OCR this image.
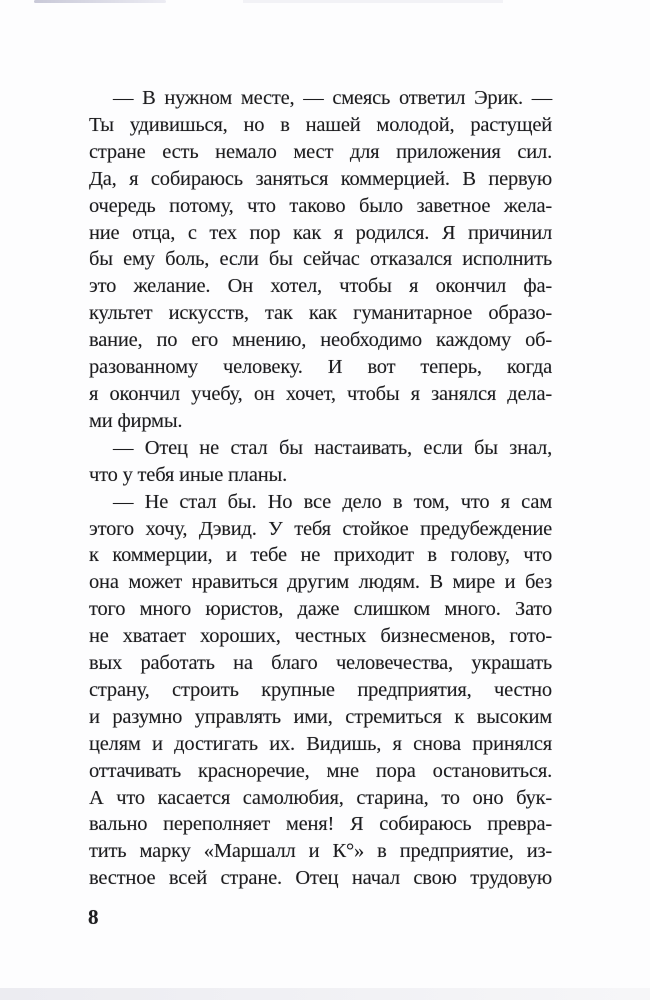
— В нужном месте, — смеясь ответил Эрик. —
Ты удивишься, но в нашей молодой, растущей
стране есть немало мест для приложения сил.
Да, я собираюсь заняться коммерцией. В первую
очередь потому, что таково было заветное жела-
ние отца, с тех пор как я родился. Я причинил
бы ему боль, если бы сейчас отказался исполнить
это желание. Он хотел, чтобы я окончил фа-
культет искусств, так как гуманитарное образо-
вание, по его мнению, необходимо каждому об-
разованному человеку. И вот теперь, когда
я окончил учебу, он хочет, чтобы я занялся дела-
ми фирмы.
— Отец не стал бы настаивать, если бы знал,
что у тебя иные планы.
— Не стал бы. Но все дело в том, что я сам
этого хочу, Дэвид. У тебя стойкое предубеждение
к коммерции, и тебе не приходит в голову, что
она может нравиться другим людям. В мире и без
того много юристов, даже слишком много. Зато
не хватает хороших, честных бизнесменов, гото-
вых работать на благо человечества, украшать
страну, строить крупные предприятия, честно
и разумно управлять ими, стремиться к высоким
целям и достигать их. Видишь, я снова принялся
оттачивать красноречие, мне пора остановиться.
А что касается самолюбия, старина, то оно бук-
вально переполняет меня! Я собираюсь превра-
тить марку «Маршалл и К°» в предприятие, из-
вестное всей стране. Отец начал свою трудовую
8
